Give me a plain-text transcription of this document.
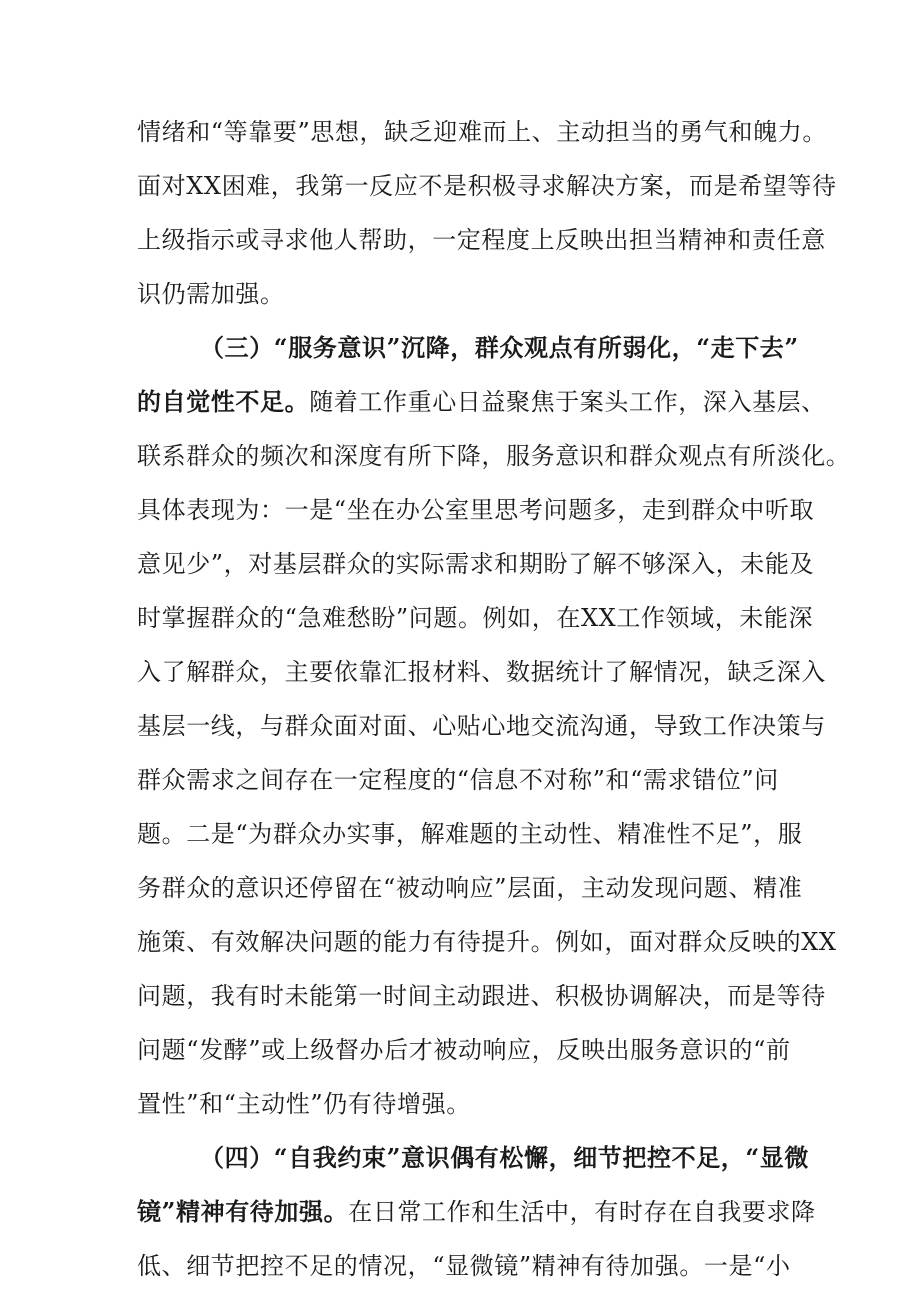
情绪和“等靠要”思想，缺乏迎难而上、主动担当的勇气和魄力。
面对XX困难，我第一反应不是积极寻求解决方案，而是希望等待
上级指示或寻求他人帮助，一定程度上反映出担当精神和责任意
识仍需加强。
（三）“服务意识”沉降，群众观点有所弱化，“走下去”
的自觉性不足。随着工作重心日益聚焦于案头工作，深入基层、
联系群众的频次和深度有所下降，服务意识和群众观点有所淡化。
具体表现为：一是“坐在办公室里思考问题多，走到群众中听取
意见少”，对基层群众的实际需求和期盼了解不够深入，未能及
时掌握群众的“急难愁盼”问题。例如，在XX工作领域，未能深
入了解群众，主要依靠汇报材料、数据统计了解情况，缺乏深入
基层一线，与群众面对面、心贴心地交流沟通，导致工作决策与
群众需求之间存在一定程度的“信息不对称”和“需求错位”问
题。二是“为群众办实事，解难题的主动性、精准性不足”，服
务群众的意识还停留在“被动响应”层面，主动发现问题、精准
施策、有效解决问题的能力有待提升。例如，面对群众反映的XX
问题，我有时未能第一时间主动跟进、积极协调解决，而是等待
问题“发酵”或上级督办后才被动响应，反映出服务意识的“前
置性”和“主动性”仍有待增强。
（四）“自我约束”意识偶有松懈，细节把控不足，“显微
镜”精神有待加强。在日常工作和生活中，有时存在自我要求降
低、细节把控不足的情况，“显微镜”精神有待加强。一是“小
